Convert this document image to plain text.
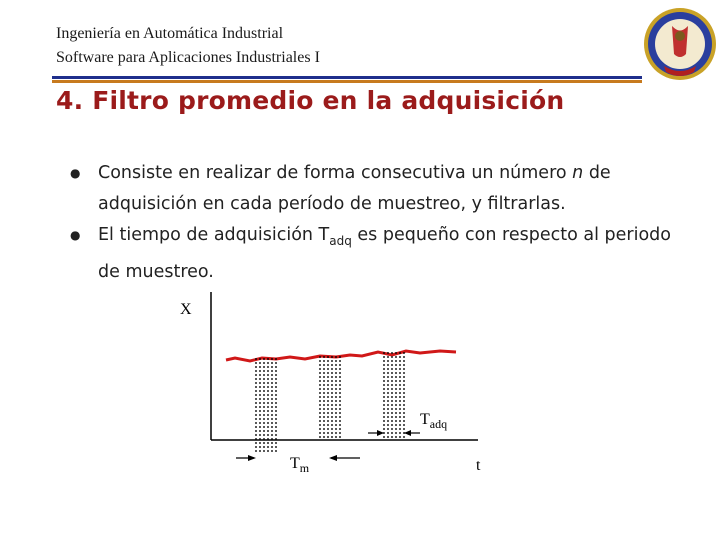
Ingeniería en Automática Industrial
Software para Aplicaciones Industriales I
4. Filtro promedio en la adquisición
●	Consiste en realizar de forma consecutiva un número n de adquisición en cada período de muestreo, y filtrarlas.
●	El tiempo de adquisición $T_{adq}$ es pequeño con respecto al periodo de muestreo.
X
t
$T_{adq}$
$T_m$
